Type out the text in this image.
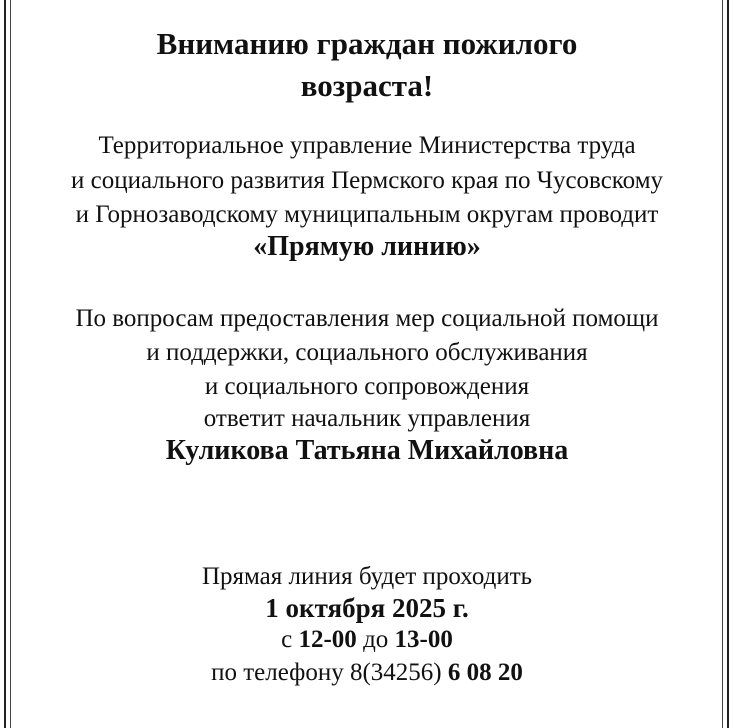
Вниманию граждан пожилого
возраста!
Территориальное управление Министерства труда
и социального развития Пермского края по Чусовскому
и Горнозаводскому муниципальным округам проводит
«Прямую линию»
По вопросам предоставления мер социальной помощи
и поддержки, социального обслуживания
и социального сопровождения
ответит начальник управления
Куликова Татьяна Михайловна
Прямая линия будет проходить
1 октября 2025 г.
с 12-00 до 13-00
по телефону 8(34256) 6 08 20
